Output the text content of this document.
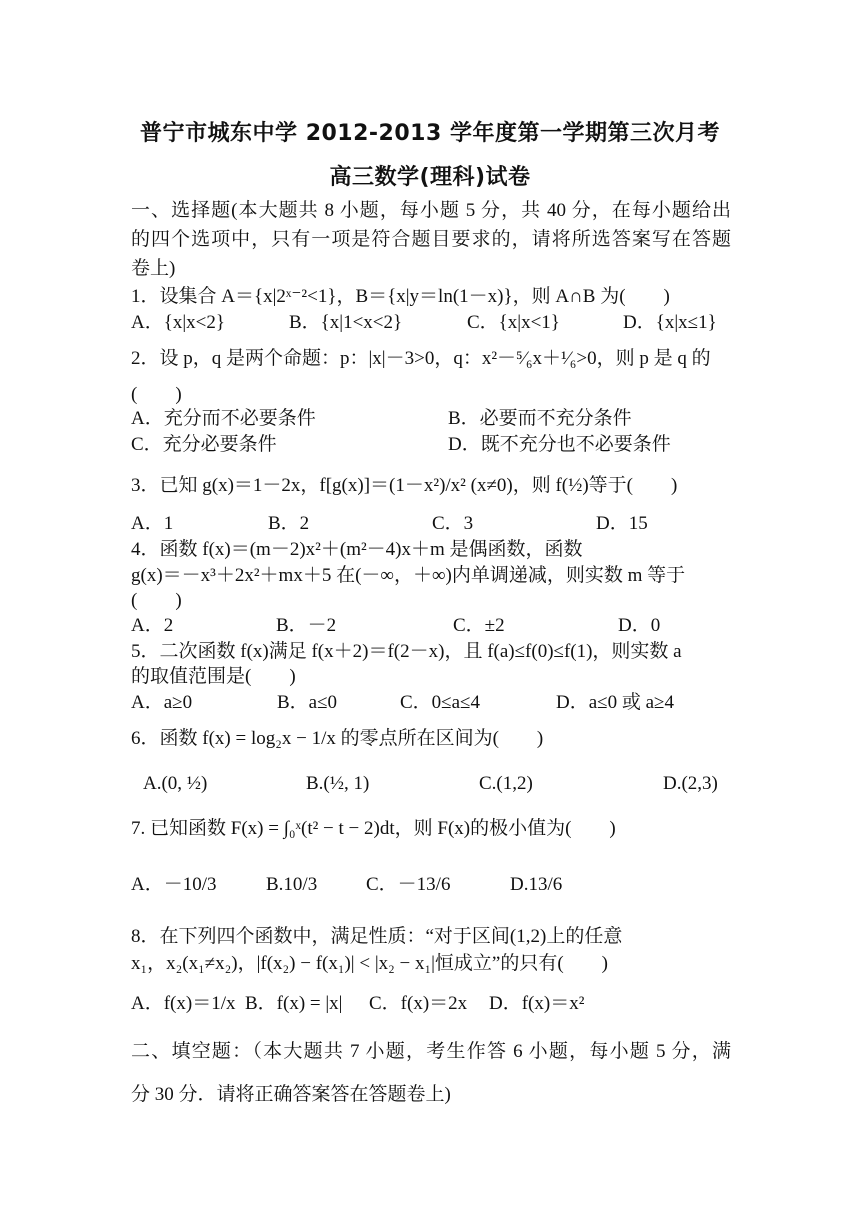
普宁市城东中学 2012-2013 学年度第一学期第三次月考
高三数学(理科)试卷
一、选择题(本大题共 8 小题，每小题 5 分，共 40 分，在每小题给出
的四个选项中，只有一项是符合题目要求的，请将所选答案写在答题
卷上)
1．设集合 A＝{x|2ˣ⁻²<1}，B＝{x|y＝ln(1－x)}，则 A∩B 为(　　)
A．{x|x<2}	B．{x|1<x<2}	C．{x|x<1}	D．{x|x≤1}
2．设 p，q 是两个命题：p：|x|－3>0，q：x²－⁵⁄₆x＋¹⁄₆>0，则 p 是 q 的
(　　)
A．充分而不必要条件	B．必要而不充分条件
C．充分必要条件	D．既不充分也不必要条件
3．已知 g(x)＝1－2x，f[g(x)]＝(1－x²)/x² (x≠0)，则 f(½)等于(　　)
A．1	B．2	C．3	D．15
4．函数 f(x)＝(m－2)x²＋(m²－4)x＋m 是偶函数，函数
g(x)＝－x³＋2x²＋mx＋5 在(－∞，＋∞)内单调递减，则实数 m 等于
(　　)
A．2	B．－2	C．±2	D．0
5．二次函数 f(x)满足 f(x＋2)＝f(2－x)，且 f(a)≤f(0)≤f(1)，则实数 a
的取值范围是(　　)
A．a≥0	B．a≤0	C．0≤a≤4	D．a≤0 或 a≥4
6．函数 f(x) = log₂x − 1/x 的零点所在区间为(　　)
A.(0, ½)	B.(½, 1)	C.(1,2)	D.(2,3)
7. 已知函数 F(x) = ∫₀ˣ(t² − t − 2)dt，则 F(x)的极小值为(　　)
A．－10/3	B.10/3	C．－13/6	D.13/6
8．在下列四个函数中，满足性质：“对于区间(1,2)上的任意
x₁，x₂(x₁≠x₂)，|f(x₂) − f(x₁)| < |x₂ − x₁|恒成立”的只有(　　)
A．f(x)＝1/x B．f(x) = |x| C．f(x)＝2x D．f(x)＝x²
二、填空题：（本大题共 7 小题，考生作答 6 小题，每小题 5 分，满
分 30 分．请将正确答案答在答题卷上)
